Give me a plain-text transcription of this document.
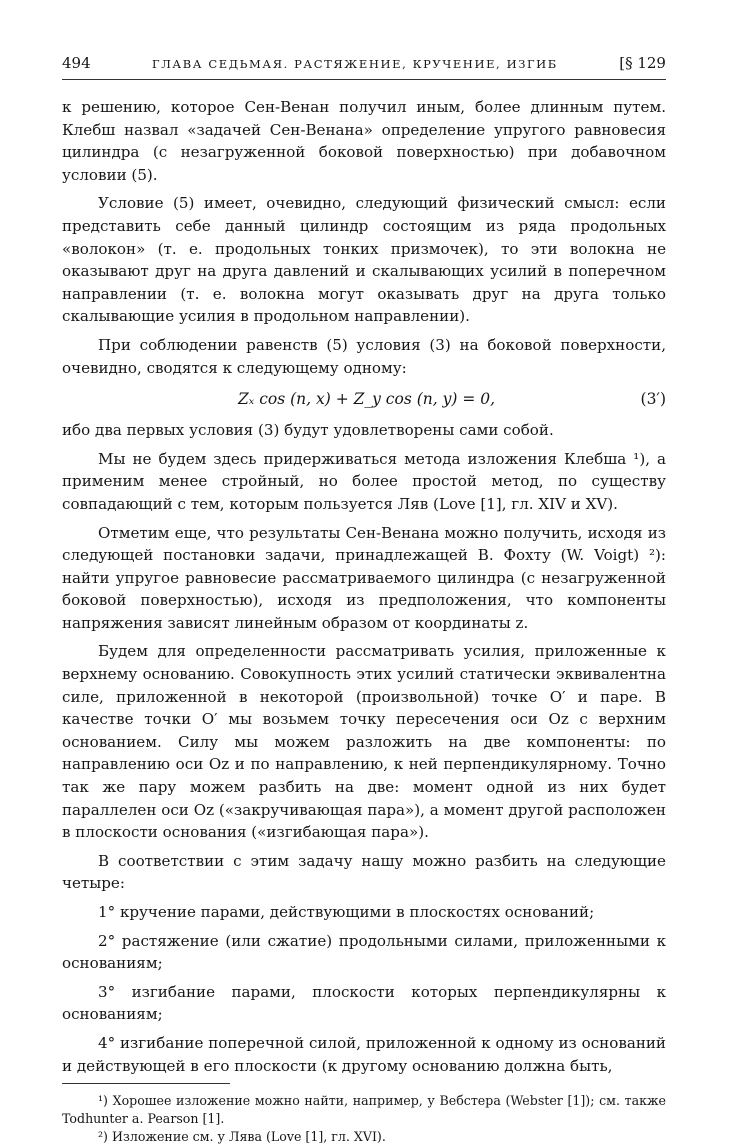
494	ГЛАВА СЕДЬМАЯ. РАСТЯЖЕНИЕ, КРУЧЕНИЕ, ИЗГИБ	[§ 129

к решению, которое Сен-Венан получил иным, более длинным путем. Клебш назвал «задачей Сен-Венана» определение упругого равновесия цилиндра (с незагруженной боковой поверхностью) при добавочном условии (5).

Условие (5) имеет, очевидно, следующий физический смысл: если представить себе данный цилиндр состоящим из ряда продольных «волокон» (т. е. продольных тонких призмочек), то эти волокна не оказывают друг на друга давлений и скалывающих усилий в поперечном направлении (т. е. волокна могут оказывать друг на друга только скалывающие усилия в продольном направлении).

При соблюдении равенств (5) условия (3) на боковой поверхности, очевидно, сводятся к следующему одному:

Zₓ cos (n, x) + Z_y cos (n, y) = 0,	(3′)

ибо два первых условия (3) будут удовлетворены сами собой.

Мы не будем здесь придерживаться метода изложения Клебша ¹), а применим менее стройный, но более простой метод, по существу совпадающий с тем, которым пользуется Ляв (Love [1], гл. XIV и XV).

Отметим еще, что результаты Сен-Венана можно получить, исходя из следующей постановки задачи, принадлежащей В. Фохту (W. Voigt) ²): найти упругое равновесие рассматриваемого цилиндра (с незагруженной боковой поверхностью), исходя из предположения, что компоненты напряжения зависят линейным образом от координаты z.

Будем для определенности рассматривать усилия, приложенные к верхнему основанию. Совокупность этих усилий статически эквивалентна силе, приложенной в некоторой (произвольной) точке O′ и паре. В качестве точки O′ мы возьмем точку пересечения оси Oz с верхним основанием. Силу мы можем разложить на две компоненты: по направлению оси Oz и по направлению, к ней перпендикулярному. Точно так же пару можем разбить на две: момент одной из них будет параллелен оси Oz («закручивающая пара»), а момент другой расположен в плоскости основания («изгибающая пара»).

В соответствии с этим задачу нашу можно разбить на следующие четыре:

1° кручение парами, действующими в плоскостях оснований;

2° растяжение (или сжатие) продольными силами, приложенными к основаниям;

3° изгибание парами, плоскости которых перпендикулярны к основаниям;

4° изгибание поперечной силой, приложенной к одному из оснований и действующей в его плоскости (к другому основанию должна быть,

¹) Хорошее изложение можно найти, например, у Вебстера (Webster [1]); см. также Todhunter a. Pearson [1].

²) Изложение см. у Лява (Love [1], гл. XVI).
